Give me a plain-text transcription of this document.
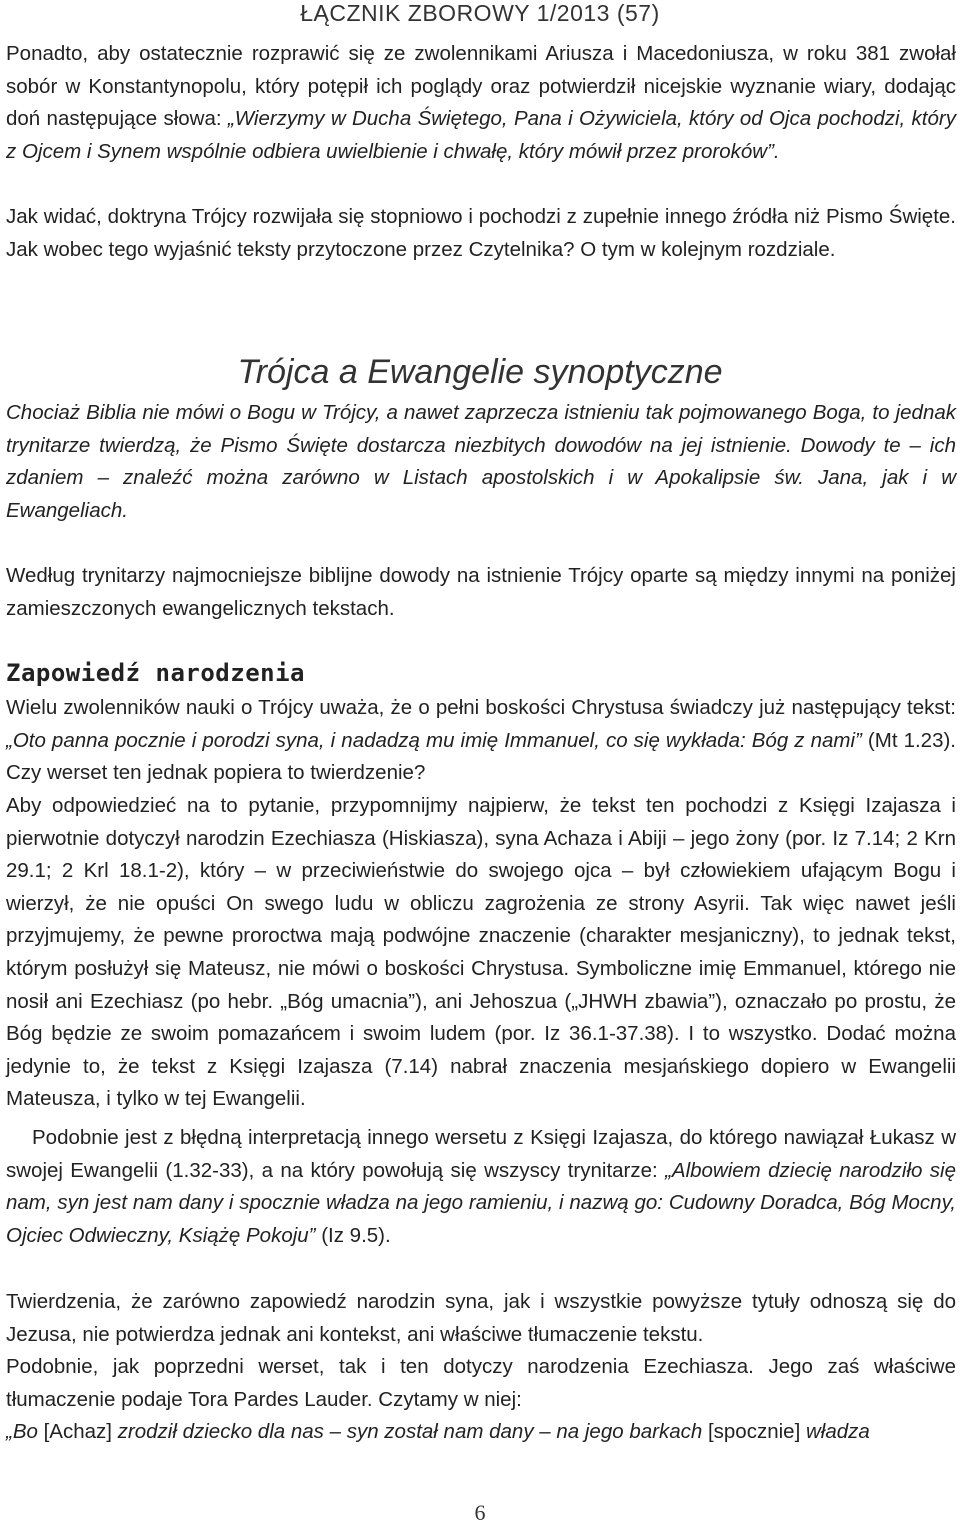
ŁĄCZNIK ZBOROWY 1/2013 (57)

Ponadto, aby ostatecznie rozprawić się ze zwolennikami Ariusza i Macedoniusza, w roku 381 zwołał sobór w Konstantynopolu, który potępił ich poglądy oraz potwierdził nicejskie wyznanie wiary, dodając doń następujące słowa: „Wierzymy w Ducha Świętego, Pana i Ożywiciela, który od Ojca pochodzi, który z Ojcem i Synem wspólnie odbiera uwielbienie i chwałę, który mówił przez proroków”.

Jak widać, doktryna Trójcy rozwijała się stopniowo i pochodzi z zupełnie innego źródła niż Pismo Święte. Jak wobec tego wyjaśnić teksty przytoczone przez Czytelnika? O tym w kolejnym rozdziale.

Trójca a Ewangelie synoptyczne

Chociaż Biblia nie mówi o Bogu w Trójcy, a nawet zaprzecza istnieniu tak pojmowanego Boga, to jednak trynitarze twierdzą, że Pismo Święte dostarcza niezbitych dowodów na jej istnienie. Dowody te – ich zdaniem – znaleźć można zarówno w Listach apostolskich i w Apokalipsie św. Jana, jak i w Ewangeliach.

Według trynitarzy najmocniejsze biblijne dowody na istnienie Trójcy oparte są między innymi na poniżej zamieszczonych ewangelicznych tekstach.

Zapowiedź narodzenia

Wielu zwolenników nauki o Trójcy uważa, że o pełni boskości Chrystusa świadczy już następujący tekst: „Oto panna pocznie i porodzi syna, i nadadzą mu imię Immanuel, co się wykłada: Bóg z nami” (Mt 1.23). Czy werset ten jednak popiera to twierdzenie?

Aby odpowiedzieć na to pytanie, przypomnijmy najpierw, że tekst ten pochodzi z Księgi Izajasza i pierwotnie dotyczył narodzin Ezechiasza (Hiskiasza), syna Achaza i Abiji – jego żony (por. Iz 7.14; 2 Krn 29.1; 2 Krl 18.1-2), który – w przeciwieństwie do swojego ojca – był człowiekiem ufającym Bogu i wierzył, że nie opuści On swego ludu w obliczu zagrożenia ze strony Asyrii. Tak więc nawet jeśli przyjmujemy, że pewne proroctwa mają podwójne znaczenie (charakter mesjaniczny), to jednak tekst, którym posłużył się Mateusz, nie mówi o boskości Chrystusa. Symboliczne imię Emmanuel, którego nie nosił ani Ezechiasz (po hebr. „Bóg umacnia”), ani Jehoszua („JHWH zbawia”), oznaczało po prostu, że Bóg będzie ze swoim pomazańcem i swoim ludem (por. Iz 36.1-37.38). I to wszystko. Dodać można jedynie to, że tekst z Księgi Izajasza (7.14) nabrał znaczenia mesjańskiego dopiero w Ewangelii Mateusza, i tylko w tej Ewangelii.

Podobnie jest z błędną interpretacją innego wersetu z Księgi Izajasza, do którego nawiązał Łukasz w swojej Ewangelii (1.32-33), a na który powołują się wszyscy trynitarze: „Albowiem dziecię narodziło się nam, syn jest nam dany i spocznie władza na jego ramieniu, i nazwą go: Cudowny Doradca, Bóg Mocny, Ojciec Odwieczny, Książę Pokoju” (Iz 9.5).

Twierdzenia, że zarówno zapowiedź narodzin syna, jak i wszystkie powyższe tytuły odnoszą się do Jezusa, nie potwierdza jednak ani kontekst, ani właściwe tłumaczenie tekstu.

Podobnie, jak poprzedni werset, tak i ten dotyczy narodzenia Ezechiasza. Jego zaś właściwe tłumaczenie podaje Tora Pardes Lauder. Czytamy w niej:

„Bo [Achaz] zrodził dziecko dla nas – syn został nam dany – na jego barkach [spocznie] władza

6
